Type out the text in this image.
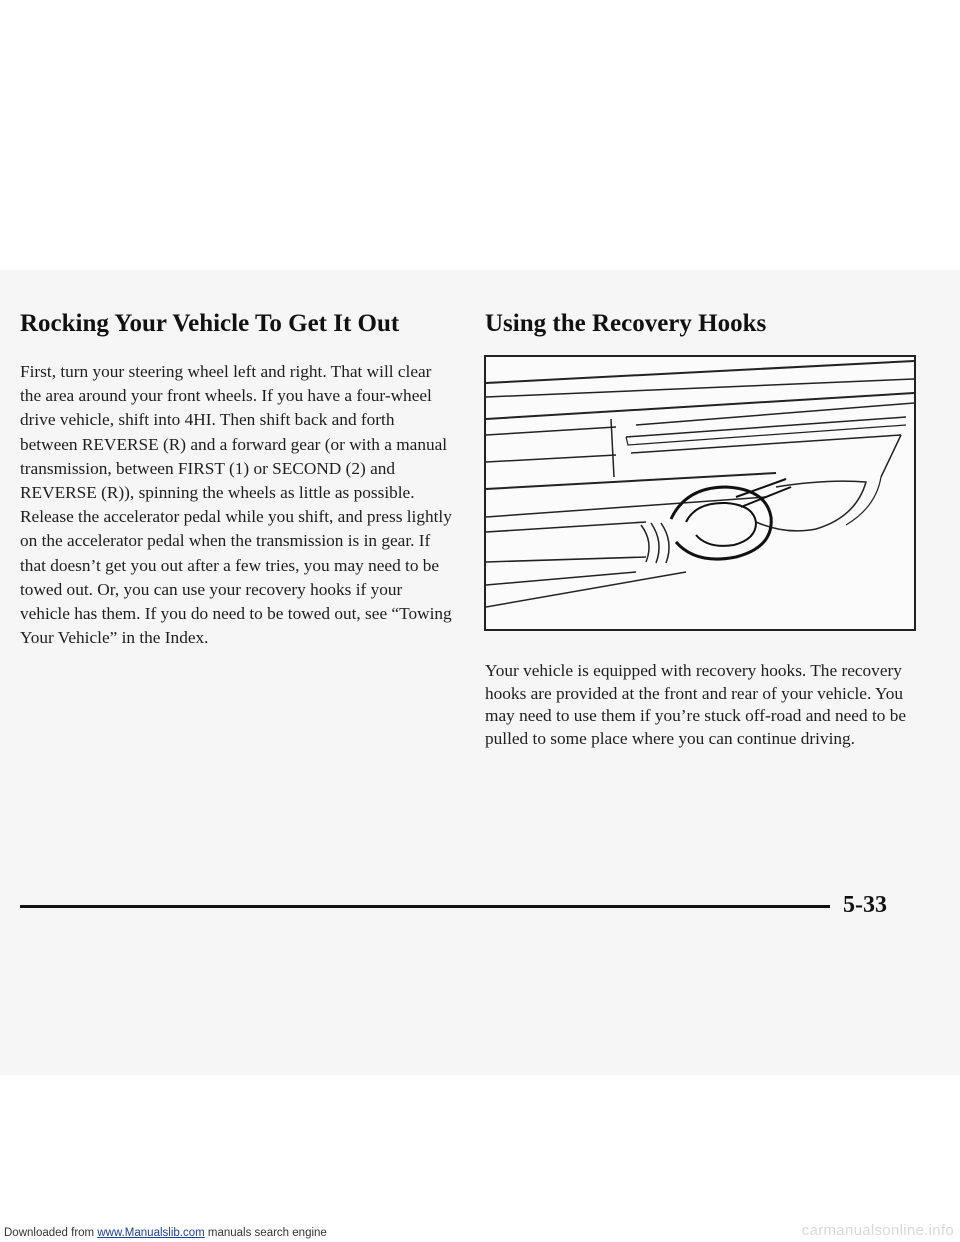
Rocking Your Vehicle To Get It Out

First, turn your steering wheel left and right. That will clear the area around your front wheels. If you have a four-wheel drive vehicle, shift into 4HI. Then shift back and forth between REVERSE (R) and a forward gear (or with a manual transmission, between FIRST (1) or SECOND (2) and REVERSE (R)), spinning the wheels as little as possible. Release the accelerator pedal while you shift, and press lightly on the accelerator pedal when the transmission is in gear. If that doesn’t get you out after a few tries, you may need to be towed out. Or, you can use your recovery hooks if your vehicle has them. If you do need to be towed out, see “Towing Your Vehicle” in the Index.

Using the Recovery Hooks

Your vehicle is equipped with recovery hooks. The recovery hooks are provided at the front and rear of your vehicle. You may need to use them if you’re stuck off-road and need to be pulled to some place where you can continue driving.

5-33
Downloaded from www.Manualslib.com manuals search engine	carmanualsonline.info
